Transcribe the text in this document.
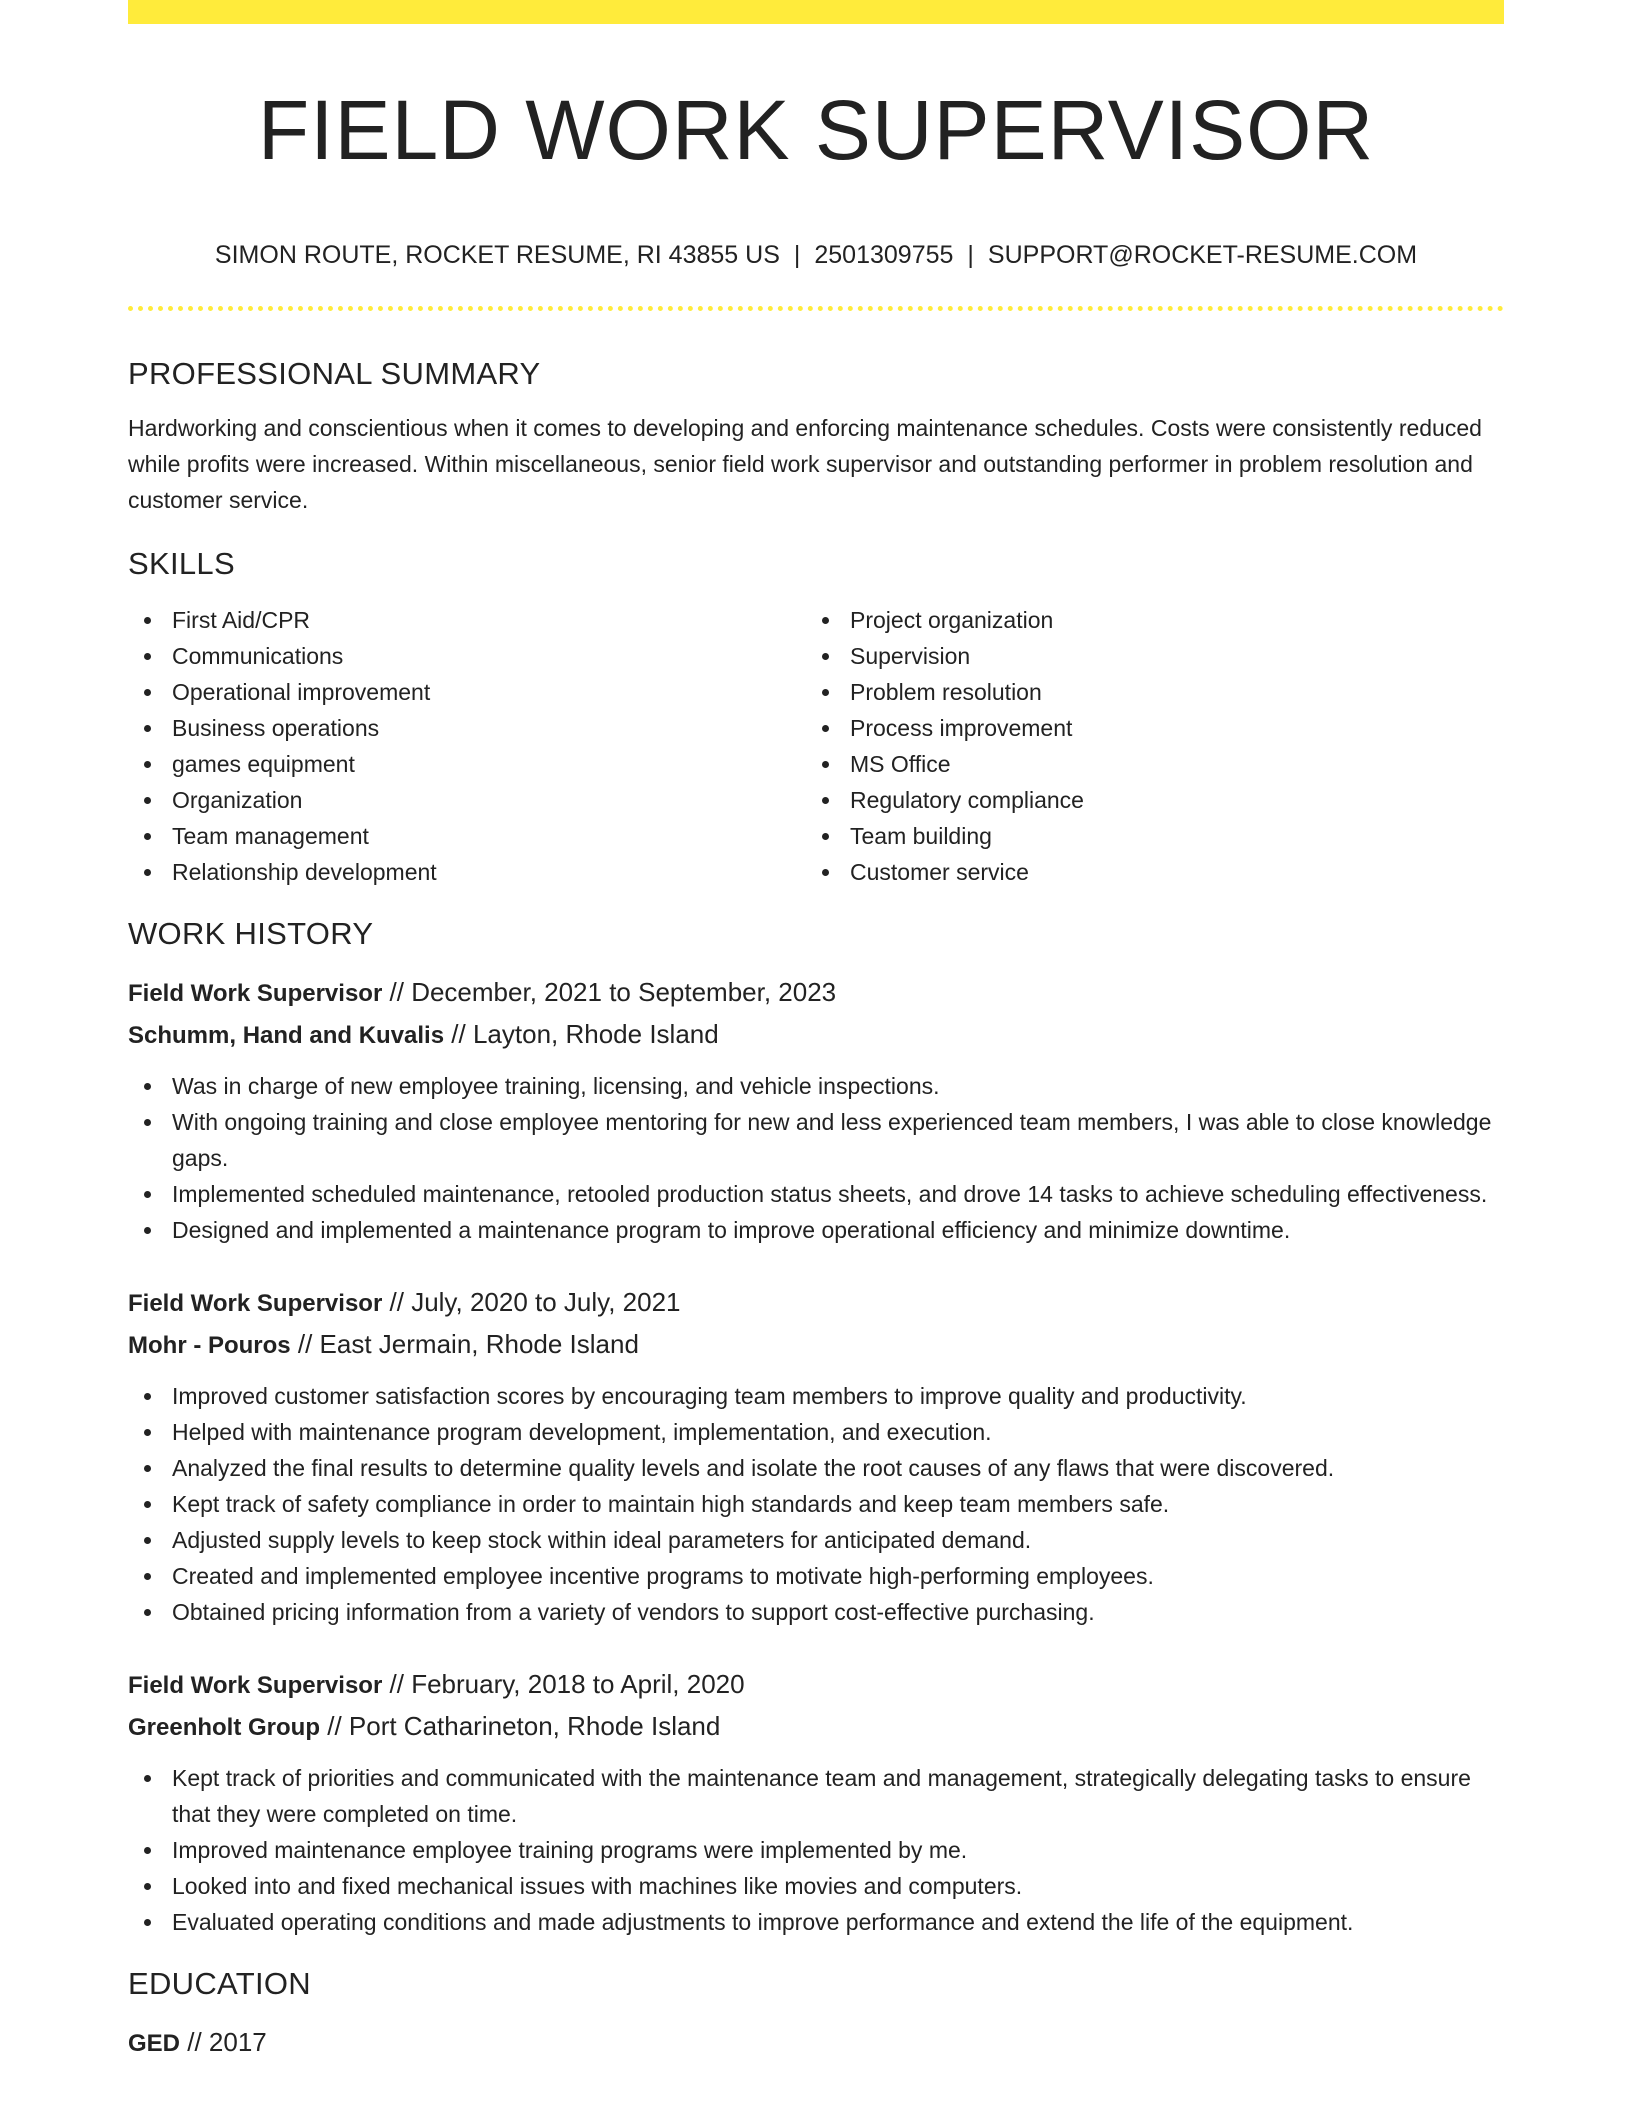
FIELD WORK SUPERVISOR
SIMON ROUTE, ROCKET RESUME, RI 43855 US | 2501309755 | SUPPORT@ROCKET-RESUME.COM
PROFESSIONAL SUMMARY

Hardworking and conscientious when it comes to developing and enforcing maintenance schedules. Costs were consistently reduced while profits were increased. Within miscellaneous, senior field work supervisor and outstanding performer in problem resolution and customer service.

SKILLS
First Aid/CPR
Communications
Operational improvement
Business operations
games equipment
Organization
Team management
Relationship development
Project organization
Supervision
Problem resolution
Process improvement
MS Office
Regulatory compliance
Team building
Customer service
WORK HISTORY
Field Work Supervisor // December, 2021 to September, 2023
Schumm, Hand and Kuvalis // Layton, Rhode Island
Was in charge of new employee training, licensing, and vehicle inspections.
With ongoing training and close employee mentoring for new and less experienced team members, I was able to close knowledge gaps.
Implemented scheduled maintenance, retooled production status sheets, and drove 14 tasks to achieve scheduling effectiveness.
Designed and implemented a maintenance program to improve operational efficiency and minimize downtime.
Field Work Supervisor // July, 2020 to July, 2021
Mohr - Pouros // East Jermain, Rhode Island
Improved customer satisfaction scores by encouraging team members to improve quality and productivity.
Helped with maintenance program development, implementation, and execution.
Analyzed the final results to determine quality levels and isolate the root causes of any flaws that were discovered.
Kept track of safety compliance in order to maintain high standards and keep team members safe.
Adjusted supply levels to keep stock within ideal parameters for anticipated demand.
Created and implemented employee incentive programs to motivate high-performing employees.
Obtained pricing information from a variety of vendors to support cost-effective purchasing.
Field Work Supervisor // February, 2018 to April, 2020
Greenholt Group // Port Catharineton, Rhode Island
Kept track of priorities and communicated with the maintenance team and management, strategically delegating tasks to ensure that they were completed on time.
Improved maintenance employee training programs were implemented by me.
Looked into and fixed mechanical issues with machines like movies and computers.
Evaluated operating conditions and made adjustments to improve performance and extend the life of the equipment.
EDUCATION
GED // 2017
